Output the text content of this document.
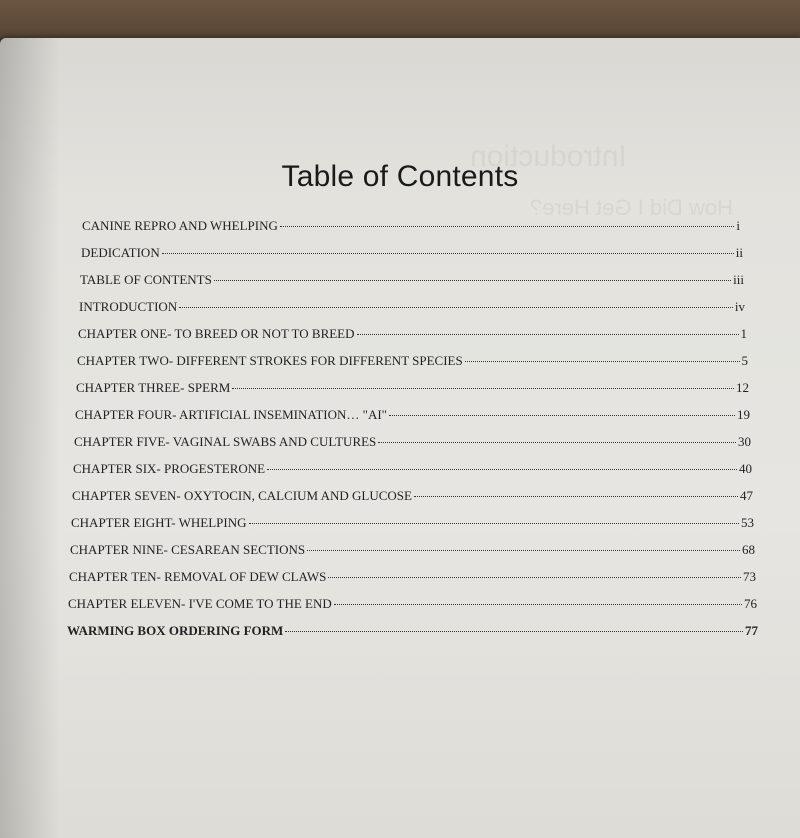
Introduction
How Did I Get Here?
Table of Contents
CANINE REPRO AND WHELPING	i
DEDICATION	ii
TABLE OF CONTENTS	iii
INTRODUCTION	iv
CHAPTER ONE- TO BREED OR NOT TO BREED	1
CHAPTER TWO- DIFFERENT STROKES FOR DIFFERENT SPECIES	5
CHAPTER THREE- SPERM	12
CHAPTER FOUR- ARTIFICIAL INSEMINATION… "AI"	19
CHAPTER FIVE- VAGINAL SWABS AND CULTURES	30
CHAPTER SIX- PROGESTERONE	40
CHAPTER SEVEN- OXYTOCIN, CALCIUM AND GLUCOSE	47
CHAPTER EIGHT- WHELPING	53
CHAPTER NINE- CESAREAN SECTIONS	68
CHAPTER TEN- REMOVAL OF DEW CLAWS	73
CHAPTER ELEVEN- I'VE COME TO THE END	76
WARMING BOX ORDERING FORM	77
